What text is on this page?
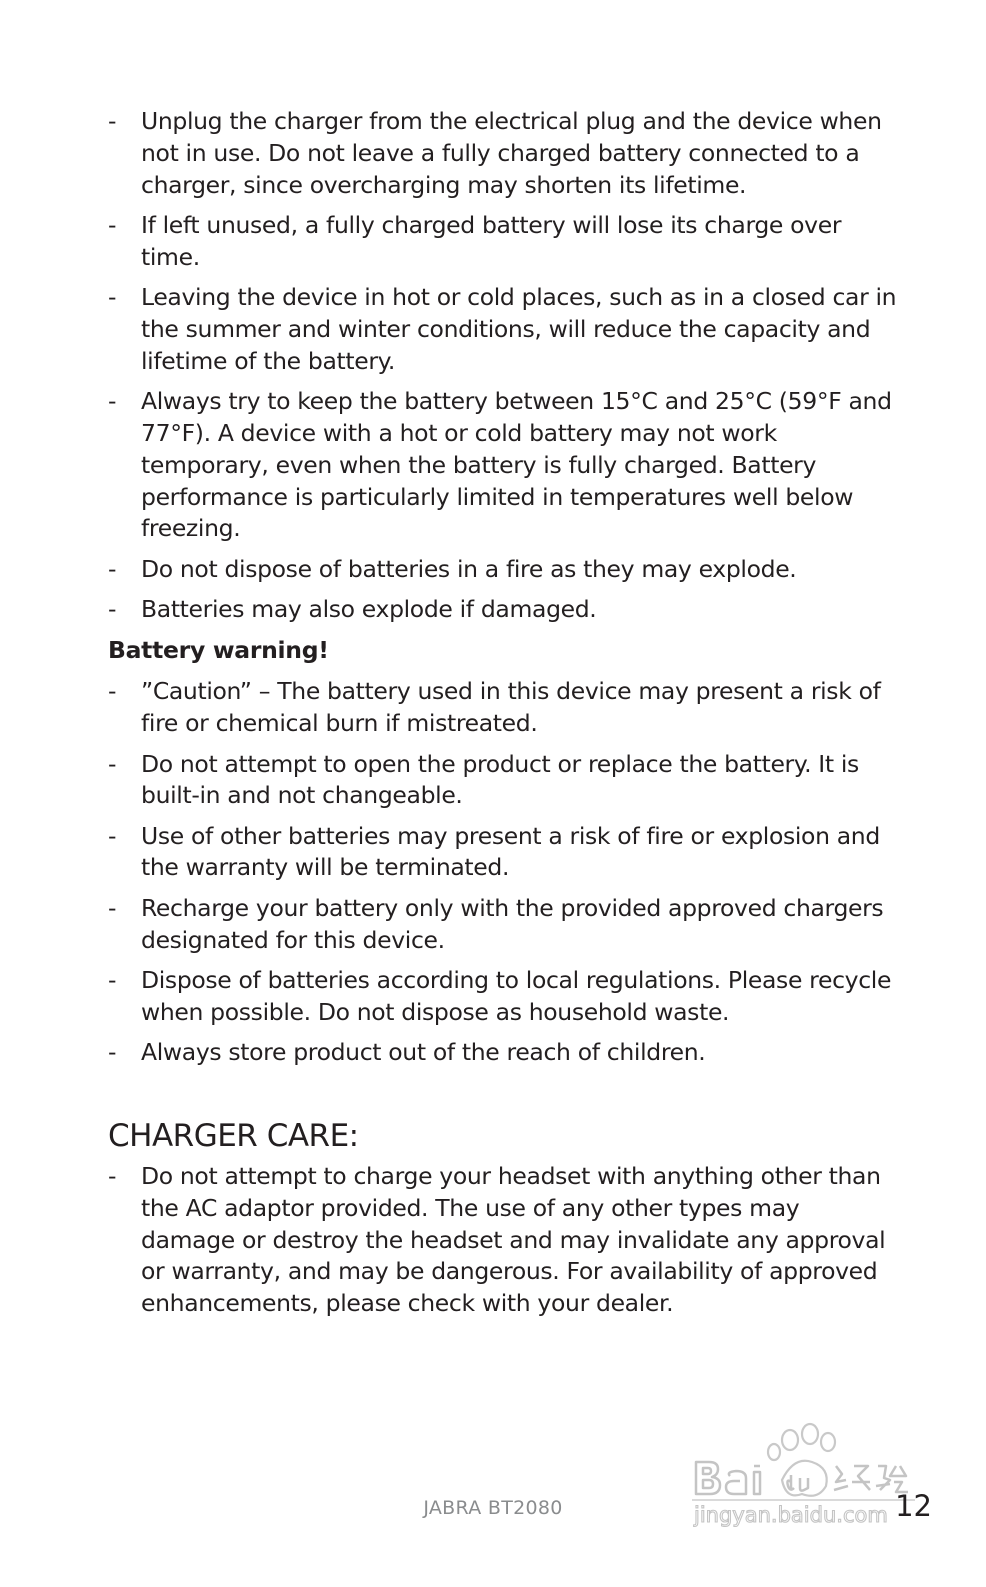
- Unplug the charger from the electrical plug and the device when not in use. Do not leave a fully charged battery connected to a charger, since overcharging may shorten its lifetime.
- If left unused, a fully charged battery will lose its charge over time.
- Leaving the device in hot or cold places, such as in a closed car in the summer and winter conditions, will reduce the capacity and lifetime of the battery.
- Always try to keep the battery between 15°C and 25°C (59°F and 77°F). A device with a hot or cold battery may not work temporary, even when the battery is fully charged. Battery performance is particularly limited in temperatures well below freezing.
- Do not dispose of batteries in a fire as they may explode.
- Batteries may also explode if damaged.
Battery warning!
- ”Caution” – The battery used in this device may present a risk of fire or chemical burn if mistreated.
- Do not attempt to open the product or replace the battery. It is built-in and not changeable.
- Use of other batteries may present a risk of fire or explosion and the warranty will be terminated.
- Recharge your battery only with the provided approved chargers designated for this device.
- Dispose of batteries according to local regulations. Please recycle when possible. Do not dispose as household waste.
- Always store product out of the reach of children.
CHARGER CARE:
- Do not attempt to charge your headset with anything other than the AC adaptor provided. The use of any other types may damage or destroy the headset and may invalidate any approval or warranty, and may be dangerous. For availability of approved enhancements, please check with your dealer.
jingyan.baidu.com
JABRA BT2080	12
